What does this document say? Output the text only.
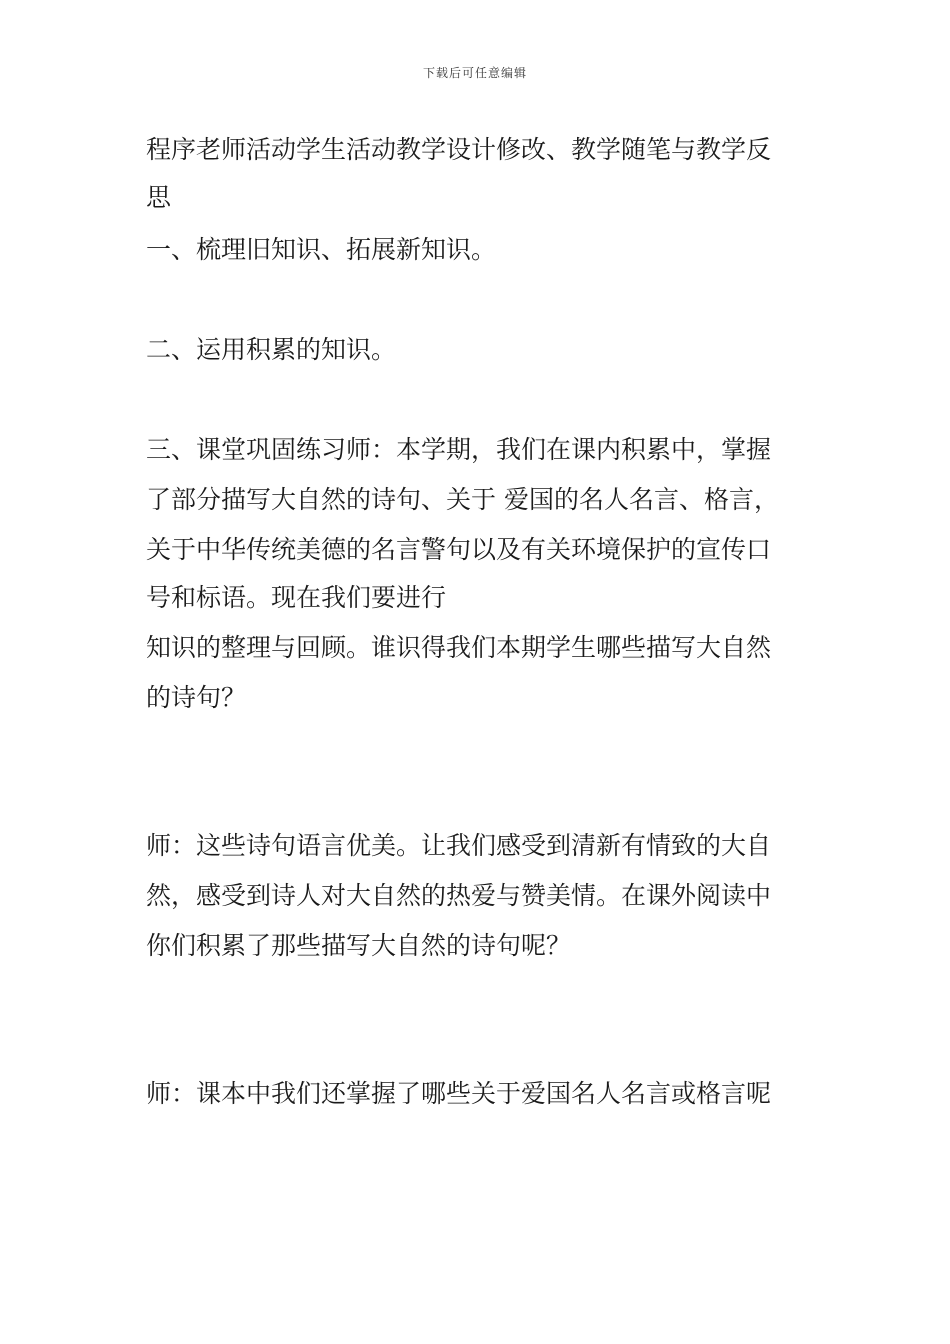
下载后可任意编辑
程序老师活动学生活动教学设计修改、教学随笔与教学反
思
一、梳理旧知识、拓展新知识。
二、运用积累的知识。
三、课堂巩固练习师：本学期，我们在课内积累中，掌握
了部分描写大自然的诗句、关于 爱国的名人名言、格言，
关于中华传统美德的名言警句以及有关环境保护的宣传口
号和标语。现在我们要进行
知识的整理与回顾。谁识得我们本期学生哪些描写大自然
的诗句？
师：这些诗句语言优美。让我们感受到清新有情致的大自
然，感受到诗人对大自然的热爱与赞美情。在课外阅读中
你们积累了那些描写大自然的诗句呢？
师：课本中我们还掌握了哪些关于爱国名人名言或格言呢
